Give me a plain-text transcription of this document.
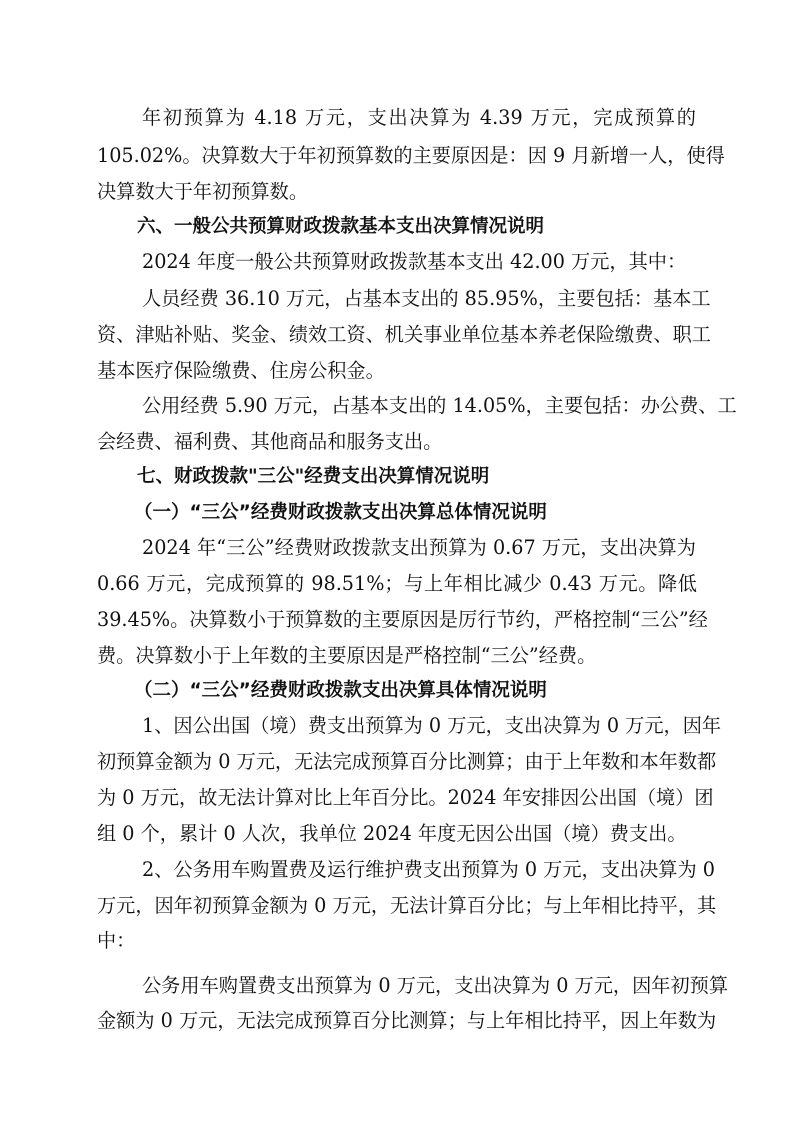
年初预算为 4.18 万元，支出决算为 4.39 万元，完成预算的
105.02%。决算数大于年初预算数的主要原因是：因 9 月新增一人，使得
决算数大于年初预算数。
六、一般公共预算财政拨款基本支出决算情况说明
2024 年度一般公共预算财政拨款基本支出 42.00 万元，其中：
人员经费 36.10 万元，占基本支出的 85.95%，主要包括：基本工
资、津贴补贴、奖金、绩效工资、机关事业单位基本养老保险缴费、职工
基本医疗保险缴费、住房公积金。
公用经费 5.90 万元，占基本支出的 14.05%，主要包括：办公费、工
会经费、福利费、其他商品和服务支出。
七、财政拨款"三公"经费支出决算情况说明
（一）“三公”经费财政拨款支出决算总体情况说明
2024 年“三公”经费财政拨款支出预算为 0.67 万元，支出决算为
0.66 万元，完成预算的 98.51%；与上年相比减少 0.43 万元。降低
39.45%。决算数小于预算数的主要原因是厉行节约，严格控制“三公”经
费。决算数小于上年数的主要原因是严格控制“三公”经费。
（二）“三公”经费财政拨款支出决算具体情况说明
1、因公出国（境）费支出预算为 0 万元，支出决算为 0 万元，因年
初预算金额为 0 万元，无法完成预算百分比测算；由于上年数和本年数都
为 0 万元，故无法计算对比上年百分比。2024 年安排因公出国（境）团
组 0 个，累计 0 人次，我单位 2024 年度无因公出国（境）费支出。
2、公务用车购置费及运行维护费支出预算为 0 万元，支出决算为 0
万元，因年初预算金额为 0 万元，无法计算百分比；与上年相比持平，其
中：
公务用车购置费支出预算为 0 万元，支出决算为 0 万元，因年初预算
金额为 0 万元，无法完成预算百分比测算；与上年相比持平，因上年数为
